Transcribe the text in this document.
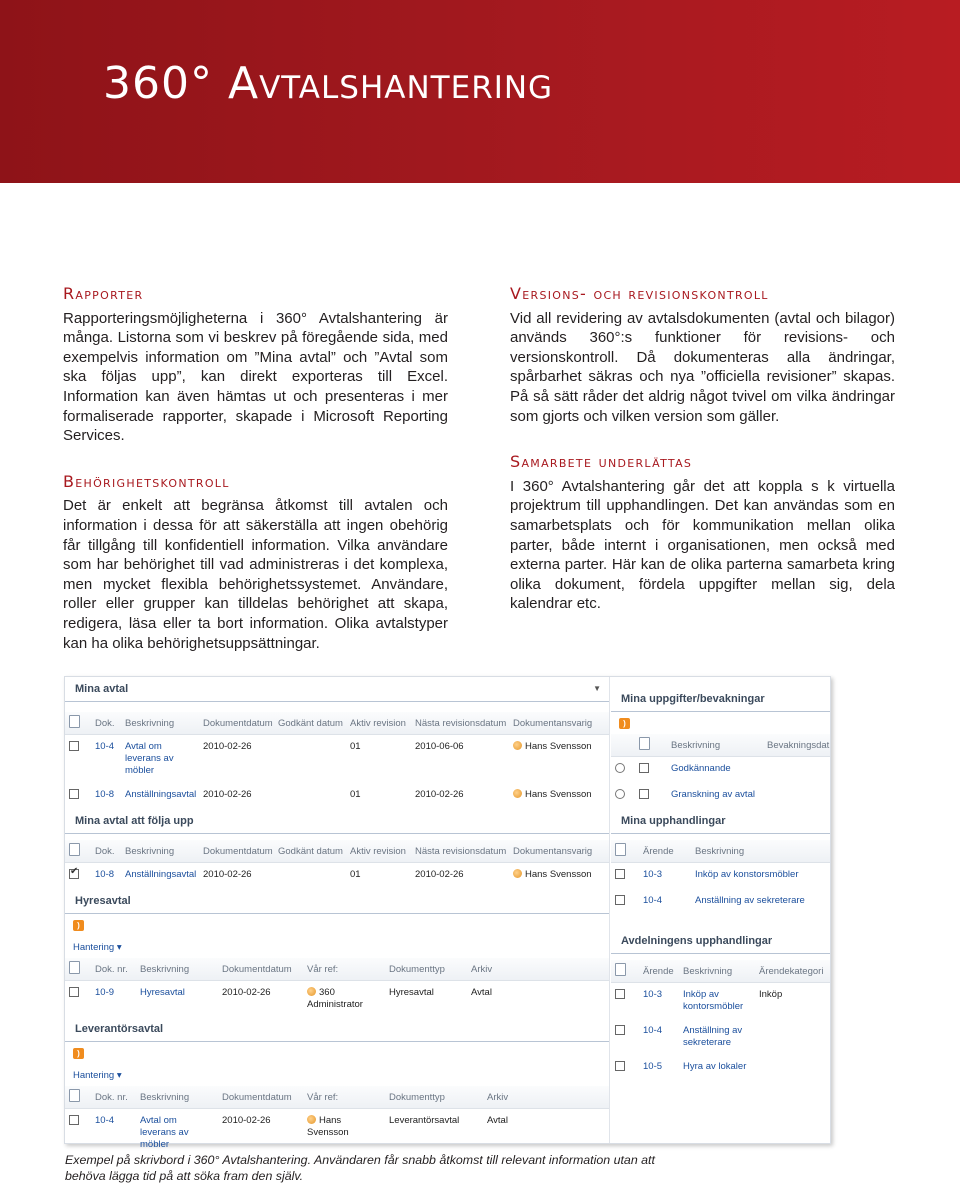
360° Avtalshantering
Rapporter

Rapporteringsmöjligheterna i 360° Avtalshantering är många. Listorna som vi beskrev på föregående sida, med exempelvis information om ”Mina avtal” och ”Avtal som ska följas upp”, kan direkt exporteras till Excel. Information kan även hämtas ut och presenteras i mer formaliserade rapporter, skapade i Microsoft Reporting Services.

Behörighetskontroll

Det är enkelt att begränsa åtkomst till avtalen och information i dessa för att säkerställa att ingen obehörig får tillgång till konfidentiell information. Vilka användare som har behörighet till vad administreras i det komplexa, men mycket flexibla behörighetssystemet. Användare, roller eller grupper kan tilldelas behörighet att skapa, redigera, läsa eller ta bort information. Olika avtalstyper kan ha olika behörighetsuppsättningar.

Versions- och revisionskontroll

Vid all revidering av avtalsdokumenten (avtal och bilagor) används 360°:s funktioner för revisions- och versionskontroll. Då dokumenteras alla ändringar, spårbarhet säkras och nya ”officiella revisioner” skapas. På så sätt råder det aldrig något tvivel om vilka ändringar som gjorts och vilken version som gäller.

Samarbete underlättas

I 360° Avtalshantering går det att koppla s k virtuella projektrum till upphandlingen. Det kan användas som en samarbetsplats och för kommunikation mellan olika parter, både internt i organisationen, men också med externa parter. Här kan de olika parterna samarbeta kring olika dokument, fördela uppgifter mellan sig, dela kalendrar etc.

Mina avtal	▼
	Dok.	Beskrivning	Dokumentdatum	Godkänt datum	Aktiv revision	Nästa revisionsdatum	Dokumentansvarig
	10-4	Avtal om leverans av möbler	2010-02-26		01	2010-06-06	Hans Svensson
	10-8	Anställningsavtal	2010-02-26		01	2010-02-26	Hans Svensson
Mina avtal att följa upp
	Dok.	Beskrivning	Dokumentdatum	Godkänt datum	Aktiv revision	Nästa revisionsdatum	Dokumentansvarig
✔	10-8	Anställningsavtal	2010-02-26		01	2010-02-26	Hans Svensson
Hyresavtal
)
Hantering ▾
	Dok. nr.	Beskrivning	Dokumentdatum	Vår ref:	Dokumenttyp	Arkiv
	10-9	Hyresavtal	2010-02-26	360 Administrator	Hyresavtal	Avtal
Leverantörsavtal
)
Hantering ▾
	Dok. nr.	Beskrivning	Dokumentdatum	Vår ref:	Dokumenttyp	Arkiv
	10-4	Avtal om leverans av möbler	2010-02-26	Hans Svensson	Leverantörsavtal	Avtal
Mina uppgifter/bevakningar
)
		Beskrivning	Bevakningsdat
		Godkännande	
		Granskning av avtal	
Mina upphandlingar
	Ärende	Beskrivning
	10-3	Inköp av konstorsmöbler
	10-4	Anställning av sekreterare
Avdelningens upphandlingar
	Ärende	Beskrivning	Ärendekategori
	10-3	Inköp av kontorsmöbler	Inköp
	10-4	Anställning av sekreterare	
	10-5	Hyra av lokaler	
Exempel på skrivbord i 360° Avtalshantering. Användaren får snabb åtkomst till relevant information utan att behöva lägga tid på att söka fram den själv.
